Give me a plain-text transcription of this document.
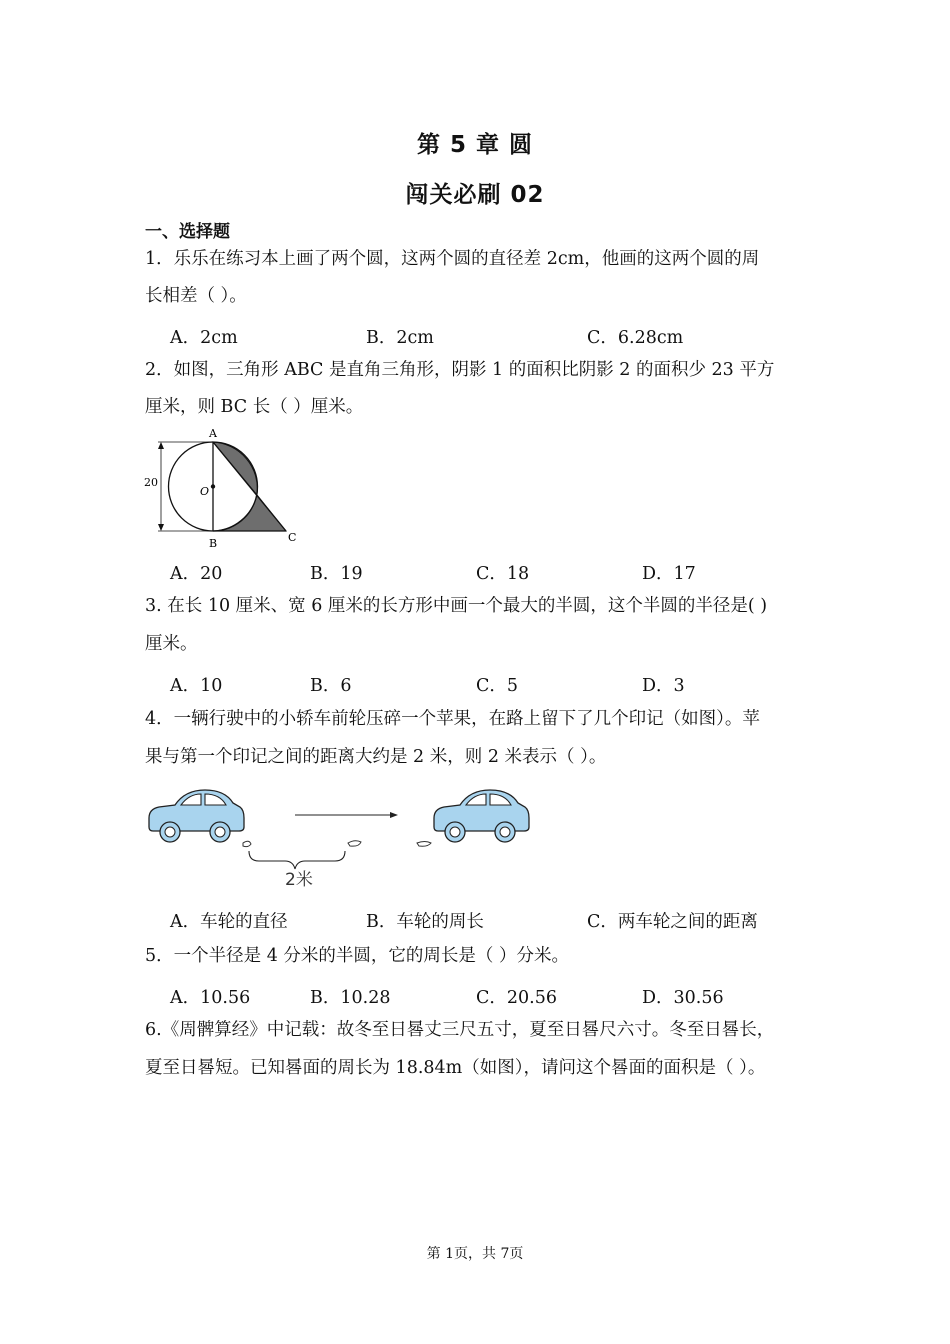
第 5 章 圆
闯关必刷 02
一、选择题
1．乐乐在练习本上画了两个圆，这两个圆的直径差 2cm，他画的这两个圆的周
长相差（ ）。
A．2cm	B．2cm	C．6.28cm
2．如图，三角形 ABC 是直角三角形，阴影 1 的面积比阴影 2 的面积少 23 平方
厘米，则 BC 长（ ）厘米。
20
A
B	C
O
A．20	B．19	C．18	D．17
3. 在长 10 厘米、宽 6 厘米的长方形中画一个最大的半圆，这个半圆的半径是( )
厘米。
A．10	B．6	C．5	D．3
4．一辆行驶中的小轿车前轮压碎一个苹果，在路上留下了几个印记（如图）。苹
果与第一个印记之间的距离大约是 2 米，则 2 米表示（ ）。
2米
A．车轮的直径	B．车轮的周长	C．两车轮之间的距离
5．一个半径是 4 分米的半圆，它的周长是（ ）分米。
A．10.56	B．10.28	C．20.56	D．30.56
6.《周髀算经》中记载：故冬至日晷丈三尺五寸，夏至日晷尺六寸。冬至日晷长，
夏至日晷短。已知晷面的周长为 18.84m（如图），请问这个晷面的面积是（ ）。
第 1页，共 7页
